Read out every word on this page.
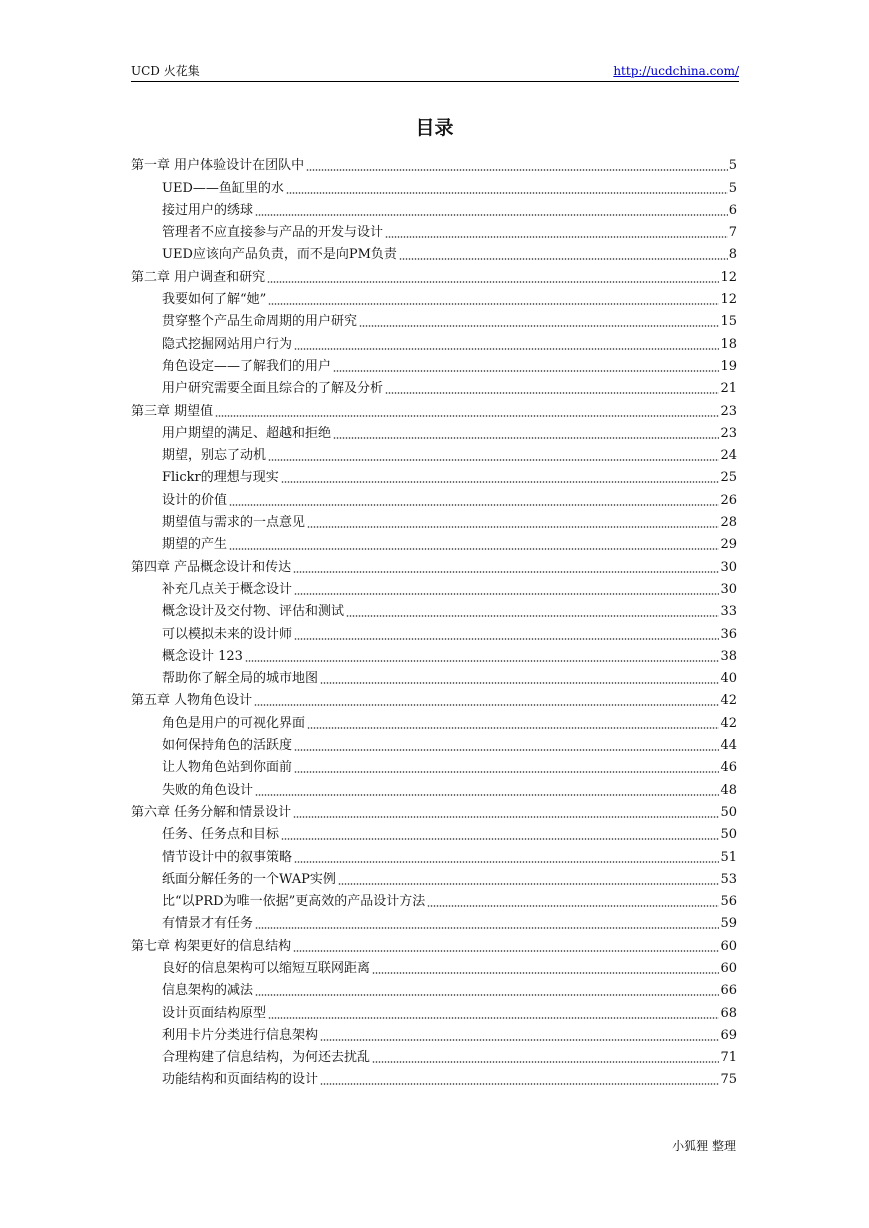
UCD 火花集	http://ucdchina.com/
目录
第一章 用户体验设计在团队中	5
UED——鱼缸里的水	5
接过用户的绣球	6
管理者不应直接参与产品的开发与设计	7
UED应该向产品负责，而不是向PM负责	8
第二章 用户调查和研究	12
我要如何了解“她”	12
贯穿整个产品生命周期的用户研究	15
隐式挖掘网站用户行为	18
角色设定——了解我们的用户	19
用户研究需要全面且综合的了解及分析	21
第三章 期望值	23
用户期望的满足、超越和拒绝	23
期望，别忘了动机	24
Flickr的理想与现实	25
设计的价值	26
期望值与需求的一点意见	28
期望的产生	29
第四章 产品概念设计和传达	30
补充几点关于概念设计	30
概念设计及交付物、评估和测试	33
可以模拟未来的设计师	36
概念设计 123	38
帮助你了解全局的城市地图	40
第五章 人物角色设计	42
角色是用户的可视化界面	42
如何保持角色的活跃度	44
让人物角色站到你面前	46
失败的角色设计	48
第六章 任务分解和情景设计	50
任务、任务点和目标	50
情节设计中的叙事策略	51
纸面分解任务的一个WAP实例	53
比“以PRD为唯一依据”更高效的产品设计方法	56
有情景才有任务	59
第七章 构架更好的信息结构	60
良好的信息架构可以缩短互联网距离	60
信息架构的减法	66
设计页面结构原型	68
利用卡片分类进行信息架构	69
合理构建了信息结构，为何还去扰乱	71
功能结构和页面结构的设计	75
小狐狸 整理
